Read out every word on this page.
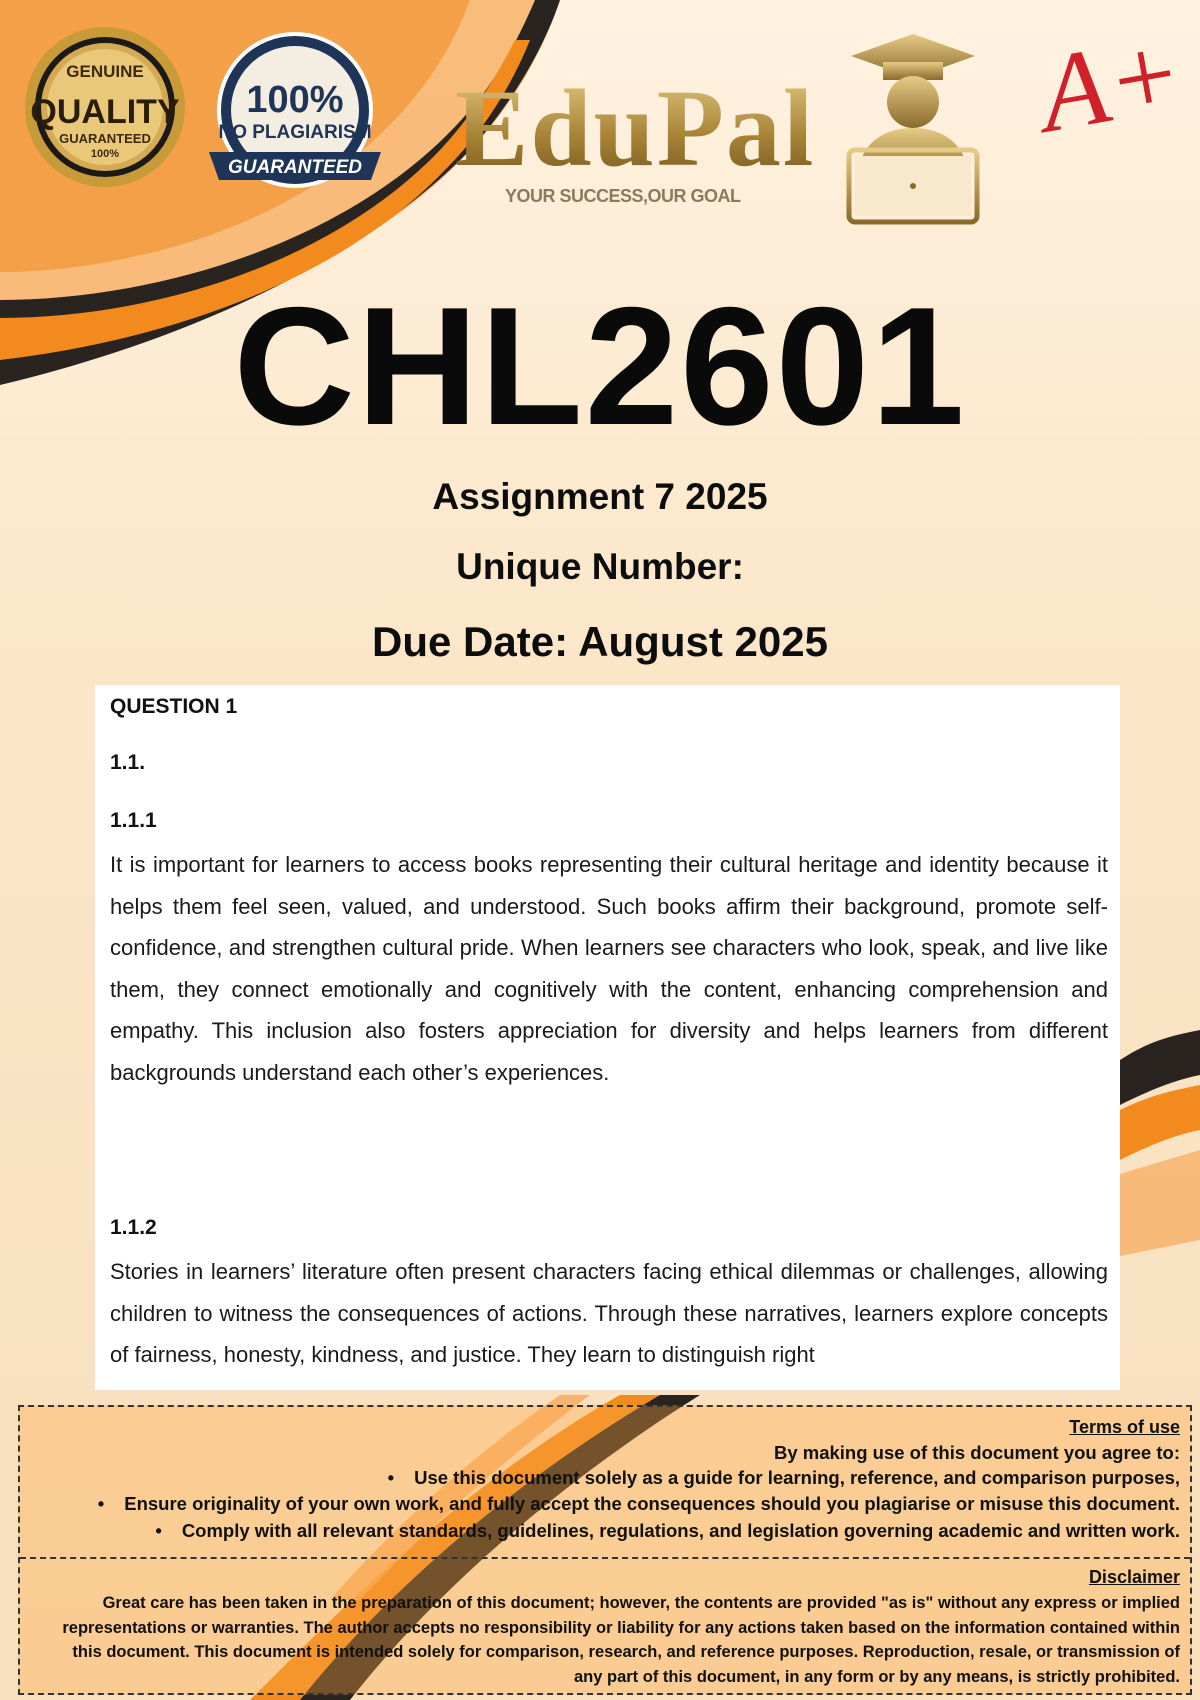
GENUINE
QUALITY
GUARANTEED
100%
100%
NO PLAGIARISM
GUARANTEED EduPal
YOUR SUCCESS,OUR GOAL
A+
CHL2601
Assignment 7 2025
Unique Number:
Due Date: August 2025
QUESTION 1
1.1.
1.1.1
It is important for learners to access books representing their cultural heritage and identity because it helps them feel seen, valued, and understood. Such books affirm their background, promote self-confidence, and strengthen cultural pride. When learners see characters who look, speak, and live like them, they connect emotionally and cognitively with the content, enhancing comprehension and empathy. This inclusion also fosters appreciation for diversity and helps learners from different backgrounds understand each other’s experiences.
1.1.2
Stories in learners’ literature often present characters facing ethical dilemmas or challenges, allowing children to witness the consequences of actions. Through these narratives, learners explore concepts of fairness, honesty, kindness, and justice. They learn to distinguish right
Terms of use
By making use of this document you agree to:
• Use this document solely as a guide for learning, reference, and comparison purposes,
• Ensure originality of your own work, and fully accept the consequences should you plagiarise or misuse this document.
• Comply with all relevant standards, guidelines, regulations, and legislation governing academic and written work.
Disclaimer
Great care has been taken in the preparation of this document; however, the contents are provided "as is" without any express or implied representations or warranties. The author accepts no responsibility or liability for any actions taken based on the information contained within this document. This document is intended solely for comparison, research, and reference purposes. Reproduction, resale, or transmission of any part of this document, in any form or by any means, is strictly prohibited.
